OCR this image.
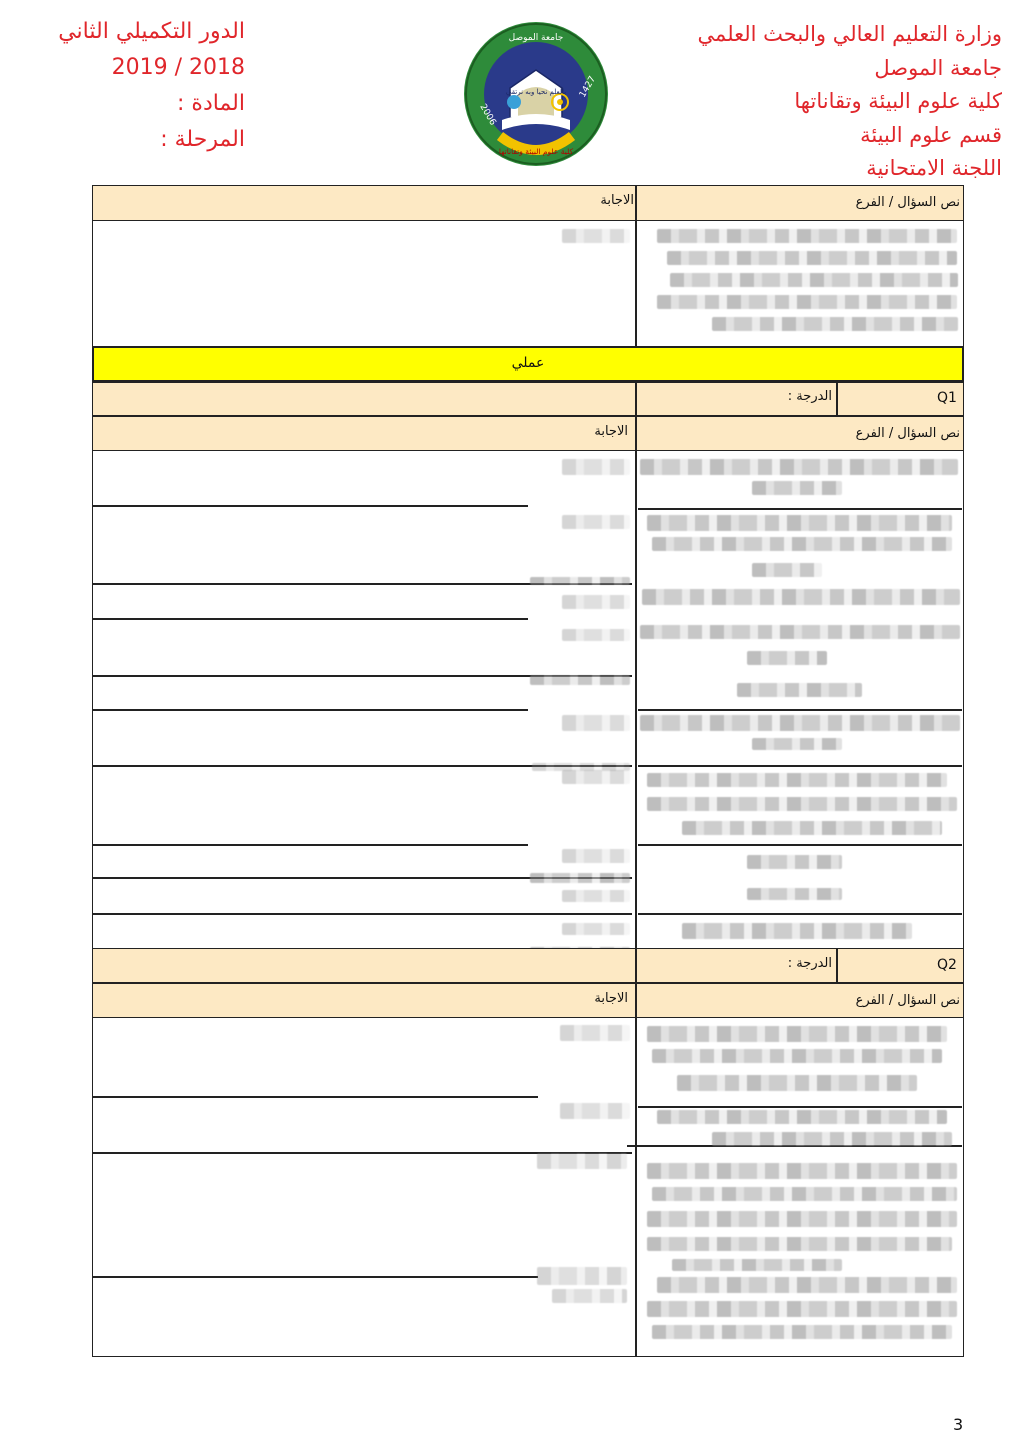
وزارة التعليم العالي والبحث العلمي
جامعة الموصل
كلية علوم البيئة وتقاناتها
قسم علوم البيئة
اللجنة الامتحانية
الدور التكميلي الثاني
2019 / 2018
المادة :
المرحلة :
جامعة الموصل
بالعلم نحيا وبه نرتقي
كلية علوم البيئة وتقاناتها
2006
1427
نص السؤال / الفرع
الاجابة
عملي
Q1
الدرجة :
نص السؤال / الفرع
الاجابة
Q2
الدرجة :
نص السؤال / الفرع
الاجابة
3
